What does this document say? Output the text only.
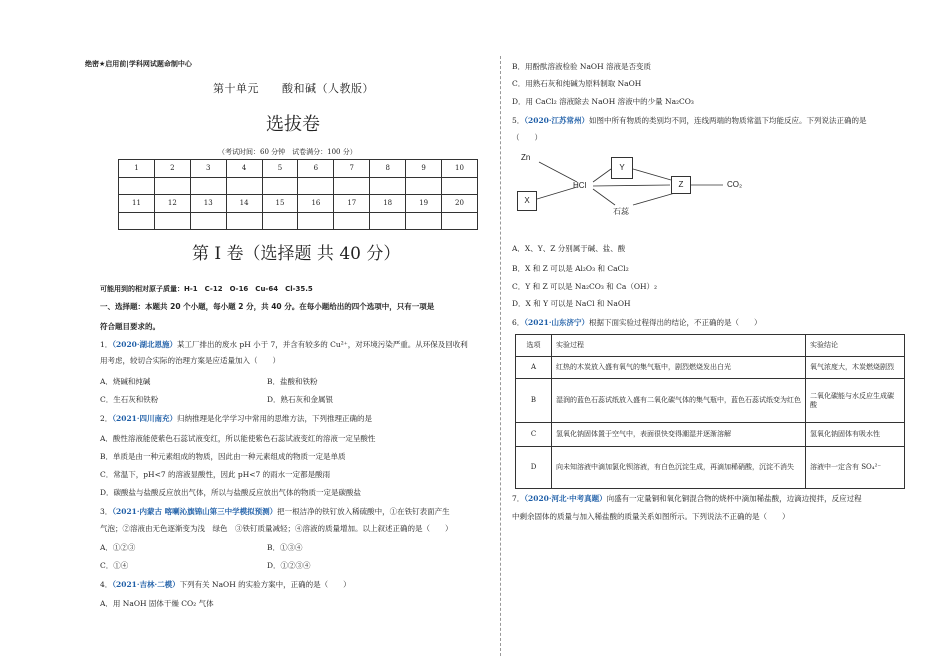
绝密★启用前|学科网试题命制中心
第十单元　　酸和碱（人教版）
选拔卷
（考试时间：60 分钟　试卷满分：100 分）
1	2	3	4	5	6	7	8	9	10

11	12	13	14	15	16	17	18	19	20

第 I 卷（选择题 共 40 分）
可能用到的相对原子质量：H-1　C-12　O-16　Cu-64　Cl-35.5
一、选择题：本题共 20 个小题，每小题 2 分，共 40 分。在每小题给出的四个选项中，只有一项是
符合题目要求的。
1．（2020·湖北恩施）某工厂排出的废水 pH 小于 7，并含有较多的 Cu²⁺，对环境污染严重。从环保及回收利
用考虑，较切合实际的治理方案是应适量加入（　　）
A．烧碱和纯碱	B．盐酸和铁粉
C．生石灰和铁粉	D．熟石灰和金属银
2．（2021·四川南充）归纳推理是化学学习中常用的思维方法，下列推理正确的是
A．酸性溶液能使紫色石蕊试液变红，所以能使紫色石蕊试液变红的溶液一定呈酸性
B．单质是由一种元素组成的物质，因此由一种元素组成的物质一定是单质
C．常温下，pH<7 的溶液显酸性，因此 pH<7 的雨水一定都是酸雨
D．碳酸盐与盐酸反应放出气体，所以与盐酸反应放出气体的物质一定是碳酸盐
3．（2021·内蒙古 喀喇沁旗锦山第三中学模拟预测）把一根洁净的铁钉放入稀硫酸中，①在铁钉表面产生
气泡；②溶液由无色逐渐变为浅　绿色　③铁钉质量减轻；④溶液的质量增加。以上叙述正确的是（　　）
A．①②③	B．①③④
C．①④	D．①②③④
4．（2021·吉林·二模）下列有关 NaOH 的实验方案中，正确的是（　　）
A．用 NaOH 固体干燥 CO₂ 气体
B．用酚酞溶液检验 NaOH 溶液是否变质
C．用熟石灰和纯碱为原料制取 NaOH
D．用 CaCl₂ 溶液除去 NaOH 溶液中的少量 Na₂CO₃
5．（2020·江苏常州）如图中所有物质的类别均不同，连线两端的物质常温下均能反应。下列说法正确的是
（　　）
Zn
Y
HCl	Z	CO₂
X
石蕊
A．X、Y、Z 分别属于碱、盐、酸
B．X 和 Z 可以是 Al₂O₃ 和 CaCl₂
C．Y 和 Z 可以是 Na₂CO₃ 和 Ca（OH）₂
D．X 和 Y 可以是 NaCl 和 NaOH
6．（2021·山东济宁）根据下面实验过程得出的结论，不正确的是（　　）
选项	实验过程	实验结论
A	红热的木炭放入盛有氧气的集气瓶中，剧烈燃烧发出白光	氧气浓度大，木炭燃烧剧烈
B	湿润的蓝色石蕊试纸放入盛有二氧化碳气体的集气瓶中，蓝色石蕊试纸变为红色	二氧化碳能与水反应生成碳酸
C	氢氧化钠固体置于空气中，表面很快变得潮湿并逐渐溶解	氢氧化钠固体有吸水性
D	向未知溶液中滴加氯化钡溶液，有白色沉淀生成，再滴加稀硝酸，沉淀不消失	溶液中一定含有 SO₄²⁻
7．（2020·河北·中考真题）向盛有一定量铜和氧化铜混合物的烧杯中滴加稀盐酸，边滴边搅拌，反应过程
中剩余固体的质量与加入稀盐酸的质量关系如图所示。下列说法不正确的是（　　）
